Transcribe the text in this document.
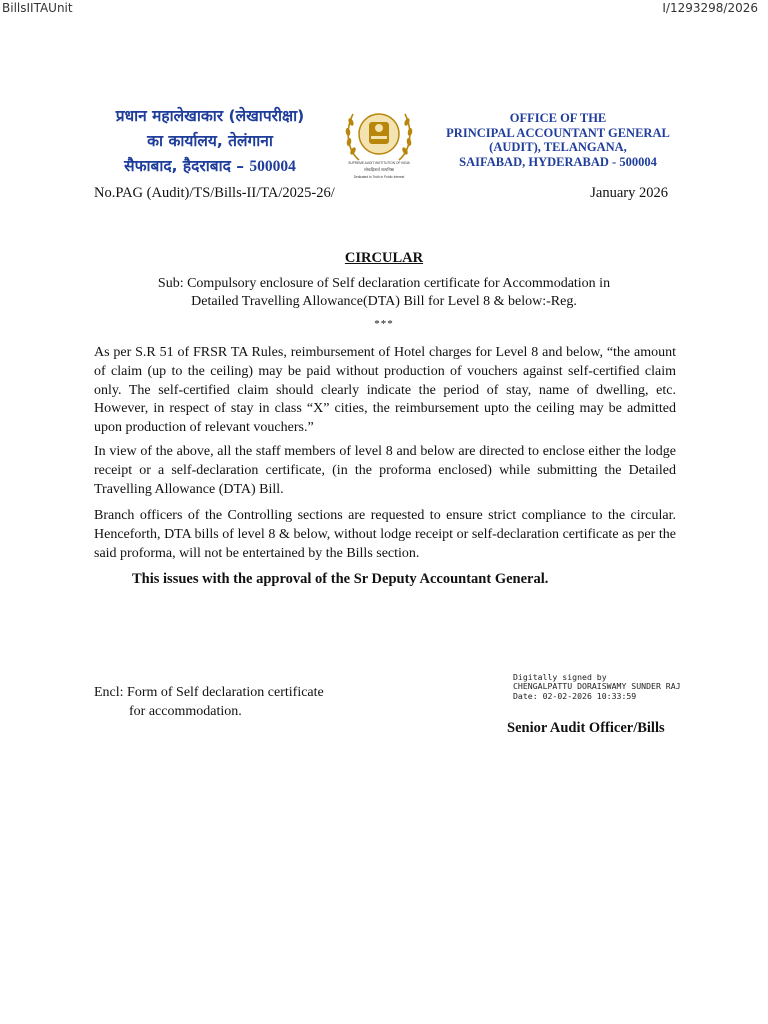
BillsIITAUnit	I/1293298/2026
प्रधान महालेखाकार (लेखापरीक्षा)
का कार्यालय, तेलंगाना
सैफाबाद, हैदराबाद – 500004	SUPREME AUDIT INSTITUTION OF INDIA
लोकहितार्थ सत्यनिष्ठा
Dedicated to Truth in Public Interest
OFFICE OF THE
PRINCIPAL ACCOUNTANT GENERAL
(AUDIT), TELANGANA,
SAIFABAD, HYDERABAD - 500004
No.PAG (Audit)/TS/Bills-II/TA/2025-26/	January 2026
CIRCULAR
Sub: Compulsory enclosure of Self declaration certificate for Accommodation in
Detailed Travelling Allowance(DTA) Bill for Level 8 & below:-Reg.
***

As per S.R 51 of FRSR TA Rules, reimbursement of Hotel charges for Level 8 and below, “the amount of claim (up to the ceiling) may be paid without production of vouchers against self-certified claim only. The self-certified claim should clearly indicate the period of stay, name of dwelling, etc. However, in respect of stay in class “X” cities, the reimbursement upto the ceiling may be admitted upon production of relevant vouchers.”

In view of the above, all the staff members of level 8 and below are directed to enclose either the lodge receipt or a self-declaration certificate, (in the proforma enclosed) while submitting the Detailed Travelling Allowance (DTA) Bill.

Branch officers of the Controlling sections are requested to ensure strict compliance to the circular. Henceforth, DTA bills of level 8 & below, without lodge receipt or self-declaration certificate as per the said proforma, will not be entertained by the Bills section.

This issues with the approval of the Sr Deputy Accountant General.
Encl: Form of Self declaration certificate
for accommodation.
Digitally signed by
CHENGALPATTU DORAISWAMY SUNDER RAJ
Date: 02-02-2026 10:33:59
Senior Audit Officer/Bills
